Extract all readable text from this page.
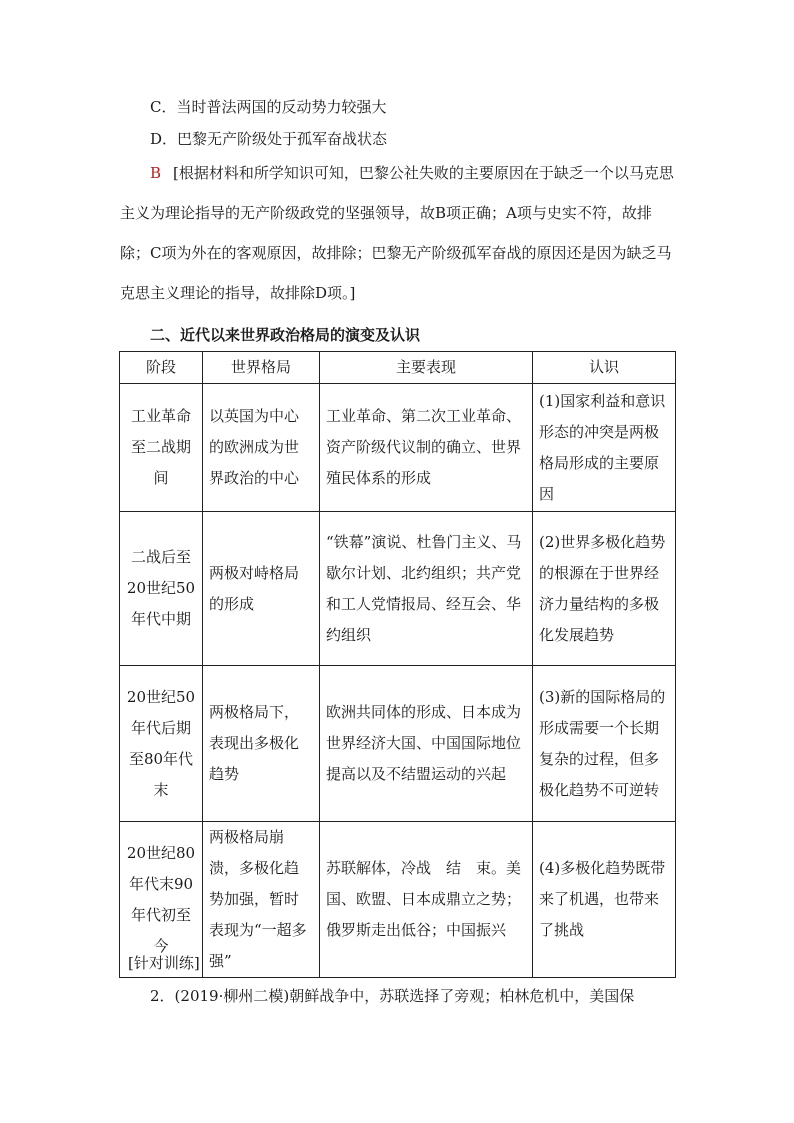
C．当时普法两国的反动势力较强大
D．巴黎无产阶级处于孤军奋战状态
B [根据材料和所学知识可知，巴黎公社失败的主要原因在于缺乏一个以马克思主义为理论指导的无产阶级政党的坚强领导，故B项正确；A项与史实不符，故排除；C项为外在的客观原因，故排除；巴黎无产阶级孤军奋战的原因还是因为缺乏马克思主义理论的指导，故排除D项。]
二、近代以来世界政治格局的演变及认识
阶段	世界格局	主要表现	认识
工业革命至二战期间	以英国为中心的欧洲成为世界政治的中心	工业革命、第二次工业革命、资产阶级代议制的确立、世界殖民体系的形成	(1)国家利益和意识形态的冲突是两极格局形成的主要原因
二战后至20世纪50年代中期	两极对峙格局的形成	“铁幕”演说、杜鲁门主义、马歇尔计划、北约组织；共产党和工人党情报局、经互会、华约组织	(2)世界多极化趋势的根源在于世界经济力量结构的多极化发展趋势
20世纪50年代后期至80年代末	两极格局下，表现出多极化趋势	欧洲共同体的形成、日本成为世界经济大国、中国国际地位提高以及不结盟运动的兴起	(3)新的国际格局的形成需要一个长期复杂的过程，但多极化趋势不可逆转
20世纪80年代末90年代初至今	两极格局崩溃，多极化趋势加强，暂时表现为“一超多强”	苏联解体，冷战　结　束。美国、欧盟、日本成鼎立之势；俄罗斯走出低谷；中国振兴	(4)多极化趋势既带来了机遇，也带来了挑战
[针对训练]
2．(2019·柳州二模)朝鲜战争中，苏联选择了旁观；柏林危机中，美国保
